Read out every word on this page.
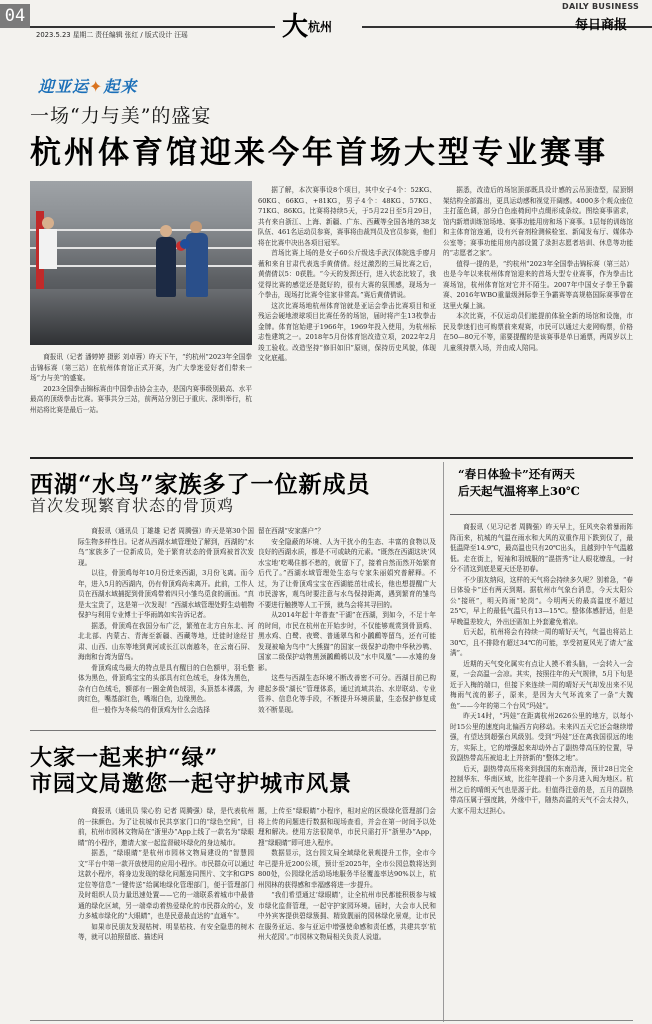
04
2023.5.23 星期二 责任编辑 张红 / 版式设计 汪瑶	大 杭州
DAILY BUSINESS
每日商报
迎亚运✦起来
一场“力与美”的盛宴
杭州体育馆迎来今年首场大型专业赛事

商报讯（记者 潘婷婷 摄影 刘卓蓉）昨天下午，“约杭州”2023年全国拳击锦标赛（第三站）在杭州体育馆正式开赛，为广大拳迷爱好者们带来一场“力与美”的盛宴。

2023全国拳击锦标赛由中国拳击协会主办，是国内赛事级别最高、水平最高的顶级拳击比赛。赛事共分三站，前两站分别已于重庆、深圳举行，杭州站将比赛是最后一站。

据了解，本次赛事设8个项目，其中女子4个：52KG、60KG、66KG、+81KG，男子4个：48KG、57KG、71KG、86KG。比赛将持续5天，于5月22日至5月29日，共有来自浙江、上海、新疆、广东、西藏等全国各地的38支队伍、461名运动员参赛，赛事将由裁判员及官员参赛，他们将在比赛中决出各项目冠军。

首场比赛上场的是女子60公斤级选手武汉体院选手廖月薇和来自甘肃代表选手黄倩倩。经过激烈的三局比赛之后，黄倩倩以5：0获胜。“今天的发挥还行，进入状态比较了，我觉得比赛的感觉还是挺好的，很有大赛的氛围感，现场为一个拳击，现场打比赛令往家非常高。”赛后黄倩倩说。

这次比赛场地杭州体育馆就是亚运会拳击比赛项目和亚残运会硬地滚球项目比赛任务的场馆，届时将产生13枚拳击金牌。体育馆始建于1966年，1969年投入使用，为杭州标志性建筑之一。2018年5月份体育馆改造立项，2022年2月竣工验收。改造坚持“修旧如旧”原则，保持历史风貌，体现文化底蕴。

据悉，改造后的场馆顶部既具设计感的云吊顶造型，屋顶钢架结构全部露出，更具运动感和视觉开阔感。4000多个观众座位主打蓝色调，部分白色座椅间中点缀形成条纹。图绘赛事需求，馆内新增训练馆场地、赛事功能用房和场下赛事。1层每的训练馆和主体育馆连通，设有兴奋剂检测候检室、新闻发布厅、媒体办公室等；赛事功能用房内部设置了录担志愿者培训、休息等功能的“志愿者之家”。

值得一提的是，“约杭州”2023年全国拳击锦标赛（第三站）也是今年以来杭州体育馆迎来的首场大型专业赛事，作为拳击比赛场馆，杭州体育馆对它并不陌生。2007年中国女子拳王争霸赛、2016年WBO重量级洲际拳王争霸赛等高规格国际赛事曾在这里火爆上演。

本次比赛，不仅运动员们能提前体验全新的场馆和设施，市民及拳迷们也可购票前来观赛，市民可以通过大麦网购票，价格在50—80元不等，需要提醒的是该赛事是单日通票，两周岁以上儿童须持票入场，并由成人陪同。

西湖“水鸟”家族多了一位新成员
首次发现繁育状态的骨顶鸡

商报讯（通讯员 丁雄雄 记者 周腾强）昨天是第30个国际生物多样性日。记者从西湖水域管理处了解到，西湖的“水鸟”家族多了一位新成员，处于繁育状态的骨顶鸡被首次发现。

以往，骨顶鸡每年10月份迁来西湖，3月份飞离。而今年，进入5月的西湖内，仍有骨顶鸡尚未离开。此前，工作人员在西湖水域捕捉到骨顶鸡带着四只小雏鸟觅食的画面。“真是太宝贵了，这是第一次发现！”西湖水域管理处野生动植物保护与利用专业博士于华雨鸽如实告诉记者。

据悉，骨顶鸡在我国分布广泛，繁殖在北方自东北、河北北部、内蒙古、青海至新疆、西藏等地，迁徙时途经甘肃、山西、山东等地到黄河或长江以南越冬，在云南石屏、海南和台湾为留鸟。

骨顶鸡成鸟最大的特点是具有醒目的白色额甲，羽毛整体为黑色，骨顶鸡宝宝的头部具有红色绒毛，身体为黑色，杂有白色绒毛，额部有一圈金黄色绒羽，头顶基本裸露，为肉红色，嘴基部红色，嘴端白色，边缘黑色。

但一般作为冬候鸟的骨顶鸡为什么会选择

留在西湖“安家落户”？

安全隐蔽的环境、人为干扰小的生态、丰富的食物以及良好的西湖水质，都是不可或缺的元素。“既然在西湖这块‘风水宝地’吃喝住都不愁的，就留下了，接着自然而然开始繁育后代了。”西湖水域管理处生态与专家朱丽娟究普解释。不过，为了让骨顶鸡宝宝在西湖能茁壮成长，他也想提醒广大市民游客，观鸟时要注意与水鸟保持距离，遇到繁育的雏鸟不要进行触摸等人工干预，就鸟会将其寻回的。

从2014年起十年普查“干湖”在西湖，到如今，不足十年的时间，市民在杭州在开始步时，不仅能够观赏到骨顶鸡、黑水鸡、白鹭、夜鹭、普通翠鸟和小鸊鷉等留鸟，还有可能发现被喻为鸟中“大熊猫”的国家一级保护动物中华秋沙鸭、国家二级保护动物黑颈鸊鷉鹈以及“水中凤凰”——水雉的身影。

这些与西湖生态环境不断改善密不可分。西湖目前已构建起多级“湖长”管理体系，通过流域共治、水岸联动、专业管养、信息化等手段，不断提升环境质量，生态保护修复成效不断显现。

大家一起来护“绿”
市园文局邀您一起守护城市风景

商报讯（通讯员 梁心豹 记者 周腾强）绿，是代表杭州的一抹颜色。为了让杭城市民共享家门口的“绿色空间”，目前，杭州市园林文物局在“浙里办”App上线了一款名为“绿眼睛”的小程序，邀请大家一起监督破坏绿化的身边城市。

据悉，“绿眼睛”是杭州市园林文物局建设的“智慧园文”平台中第一款开放使用的应用小程序。市民群众可以通过这款小程序，将身边发现的绿化问题连同图片、文字和GPS定位等信息“一键传送”给属地绿化管理部门，便于管理部门及时组织人员力量迅速处置——它的一端联系着城市中最普通的绿化区域，另一端牵动着热爱绿化的市民群众的心，发力多城市绿化的“大眼睛”，也是民意最直达的“直通车”。

如果市民朋友发现枯树、明显枯枝、有安全隐患的树木等，就可以拍照留底、描述问

题，上传至“绿眼睛”小程序，相对应的区级绿化管理部门会将上传的问题进行数据和现场查看，并会在第一时间予以处理和解决。使用方法很简单，市民只需打开“浙里办”App，搜“绿眼睛”即可进入程序。

数据显示，这台园文局全域绿化景观提升工作，全市今年已提升近200公顷，预计至2025年，全市公园总数将达到800处，公园绿化活动场地服务半径覆盖率达90%以上，杭州园林的获得感和幸福感将进一步提升。

“我们希望通过‘绿眼睛’，让全杭州市民都能积极参与城市绿化监督管理，一起守护家园环境。届时，大会市人民和中外宾客提供碧绿簇拥、精致靓丽的园林绿化景观，让市民在服务亚运、参与亚运中增强使命感和责任感，共建共享‘杭州大花园’。”市园林文物局相关负责人说道。

“春日体验卡”还有两天
后天起气温将率上30℃

商报讯（见习记者 周腾强）昨天早上，狂风夹杂着暴雨阵阵而来，杭城的气温在雨水和大风的双重作用下跌到仅了，最低温降至14.9℃，最高温也只有20℃出头，且越到中午气温越低。走在街上，短袖和羽绒服的“混搭秀”让人眼花缭乱，一时分不清这到底是夏天还是初春。

不少朋友纳闷，这样的天气将会持续多久呢？别着急，“春日体验卡”还有两天到期。据杭州市气象台消息，今天太阳公公“接班”，明天阵雨“轮岗”。今明两天的最高温度不超过25℃，早上的最低气温只有13—15℃。整体体感舒适，但是早晚温差较大，外出还需加上外套避免着凉。

后天起，杭州将会有持续一周的晴好天气，气温也将站上30℃，且不排除有超过34℃的可能，享受初夏风光了请大“盆满”。

近期的天气变化属实有点让人摸不着头脑，一会转入一会夏，一会高温一会凉。其实，按照往年的天气规律，5月下旬是近于入梅的端口，但接下来连续一周的晴好天气却发出来不见梅雨气流的影子，原来，是因为大气环流来了一条“大魏鱼”——今年的第二个台风“玛娃”。

昨天14时，“玛娃”在距离杭州2626公里的地方，以每小时15公里的速度向北偏西方向移动。未来四五天它还会继续增强，有望达到超强台风级别。受到“玛娃”还在离我国很远的地方，实际上，它的增强起来却动外占了副热带高压的位置，导致副热带高压被迫北上并挤新的“整体之地”。

后天，副热带高压将来到我国的东南沿海，预计28日完全控制华东、华南区域，比往年提前一个多月进入闽为地区。杭州之后的晴朗天气也是源于此。但值得注意的是，五月的副热带高压属于强度跳，外缘中干，随热高温的天气不会太持久，大家不用太过担心。
